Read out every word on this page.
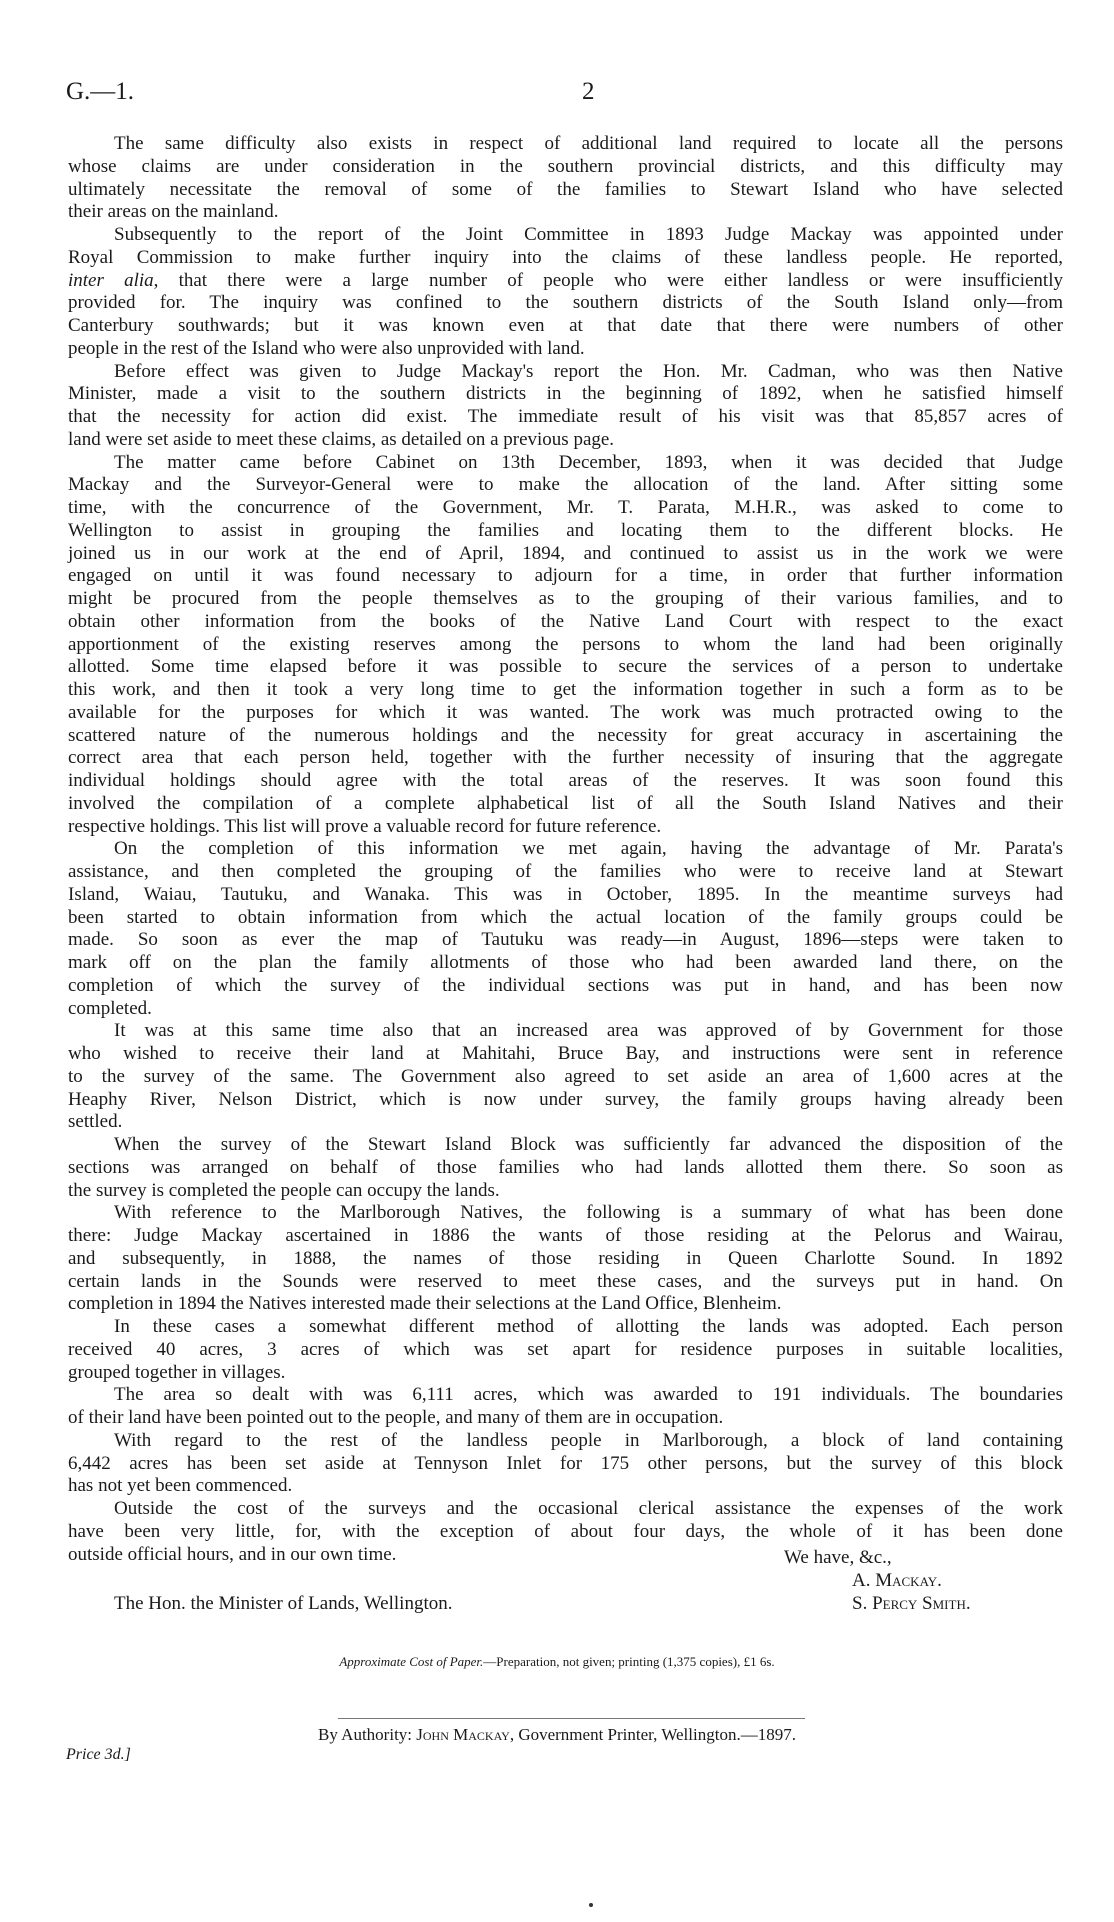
G.—1.	2
The same difficulty also exists in respect of additional land required to locate all the persons
whose claims are under consideration in the southern provincial districts, and this difficulty may
ultimately necessitate the removal of some of the families to Stewart Island who have selected
their areas on the mainland.
Subsequently to the report of the Joint Committee in 1893 Judge Mackay was appointed under
Royal Commission to make further inquiry into the claims of these landless people. He reported,
inter alia, that there were a large number of people who were either landless or were insufficiently
provided for. The inquiry was confined to the southern districts of the South Island only—from
Canterbury southwards; but it was known even at that date that there were numbers of other
people in the rest of the Island who were also unprovided with land.
Before effect was given to Judge Mackay's report the Hon. Mr. Cadman, who was then Native
Minister, made a visit to the southern districts in the beginning of 1892, when he satisfied himself
that the necessity for action did exist. The immediate result of his visit was that 85,857 acres of
land were set aside to meet these claims, as detailed on a previous page.
The matter came before Cabinet on 13th December, 1893, when it was decided that Judge
Mackay and the Surveyor-General were to make the allocation of the land. After sitting some
time, with the concurrence of the Government, Mr. T. Parata, M.H.R., was asked to come to
Wellington to assist in grouping the families and locating them to the different blocks. He
joined us in our work at the end of April, 1894, and continued to assist us in the work we were
engaged on until it was found necessary to adjourn for a time, in order that further information
might be procured from the people themselves as to the grouping of their various families, and to
obtain other information from the books of the Native Land Court with respect to the exact
apportionment of the existing reserves among the persons to whom the land had been originally
allotted. Some time elapsed before it was possible to secure the services of a person to undertake
this work, and then it took a very long time to get the information together in such a form as to be
available for the purposes for which it was wanted. The work was much protracted owing to the
scattered nature of the numerous holdings and the necessity for great accuracy in ascertaining the
correct area that each person held, together with the further necessity of insuring that the aggregate
individual holdings should agree with the total areas of the reserves. It was soon found this
involved the compilation of a complete alphabetical list of all the South Island Natives and their
respective holdings. This list will prove a valuable record for future reference.
On the completion of this information we met again, having the advantage of Mr. Parata's
assistance, and then completed the grouping of the families who were to receive land at Stewart
Island, Waiau, Tautuku, and Wanaka. This was in October, 1895. In the meantime surveys had
been started to obtain information from which the actual location of the family groups could be
made. So soon as ever the map of Tautuku was ready—in August, 1896—steps were taken to
mark off on the plan the family allotments of those who had been awarded land there, on the
completion of which the survey of the individual sections was put in hand, and has been now
completed.
It was at this same time also that an increased area was approved of by Government for those
who wished to receive their land at Mahitahi, Bruce Bay, and instructions were sent in reference
to the survey of the same. The Government also agreed to set aside an area of 1,600 acres at the
Heaphy River, Nelson District, which is now under survey, the family groups having already been
settled.
When the survey of the Stewart Island Block was sufficiently far advanced the disposition of the
sections was arranged on behalf of those families who had lands allotted them there. So soon as
the survey is completed the people can occupy the lands.
With reference to the Marlborough Natives, the following is a summary of what has been done
there: Judge Mackay ascertained in 1886 the wants of those residing at the Pelorus and Wairau,
and subsequently, in 1888, the names of those residing in Queen Charlotte Sound. In 1892
certain lands in the Sounds were reserved to meet these cases, and the surveys put in hand. On
completion in 1894 the Natives interested made their selections at the Land Office, Blenheim.
In these cases a somewhat different method of allotting the lands was adopted. Each person
received 40 acres, 3 acres of which was set apart for residence purposes in suitable localities,
grouped together in villages.
The area so dealt with was 6,111 acres, which was awarded to 191 individuals. The boundaries
of their land have been pointed out to the people, and many of them are in occupation.
With regard to the rest of the landless people in Marlborough, a block of land containing
6,442 acres has been set aside at Tennyson Inlet for 175 other persons, but the survey of this block
has not yet been commenced.
Outside the cost of the surveys and the occasional clerical assistance the expenses of the work
have been very little, for, with the exception of about four days, the whole of it has been done
outside official hours, and in our own time.	We have, &c.,
A. Mackay.
S. Percy Smith.
The Hon. the Minister of Lands, Wellington.
Approximate Cost of Paper.—Preparation, not given; printing (1,375 copies), £1 6s.
By Authority: John Mackay, Government Printer, Wellington.—1897.
Price 3d.]
